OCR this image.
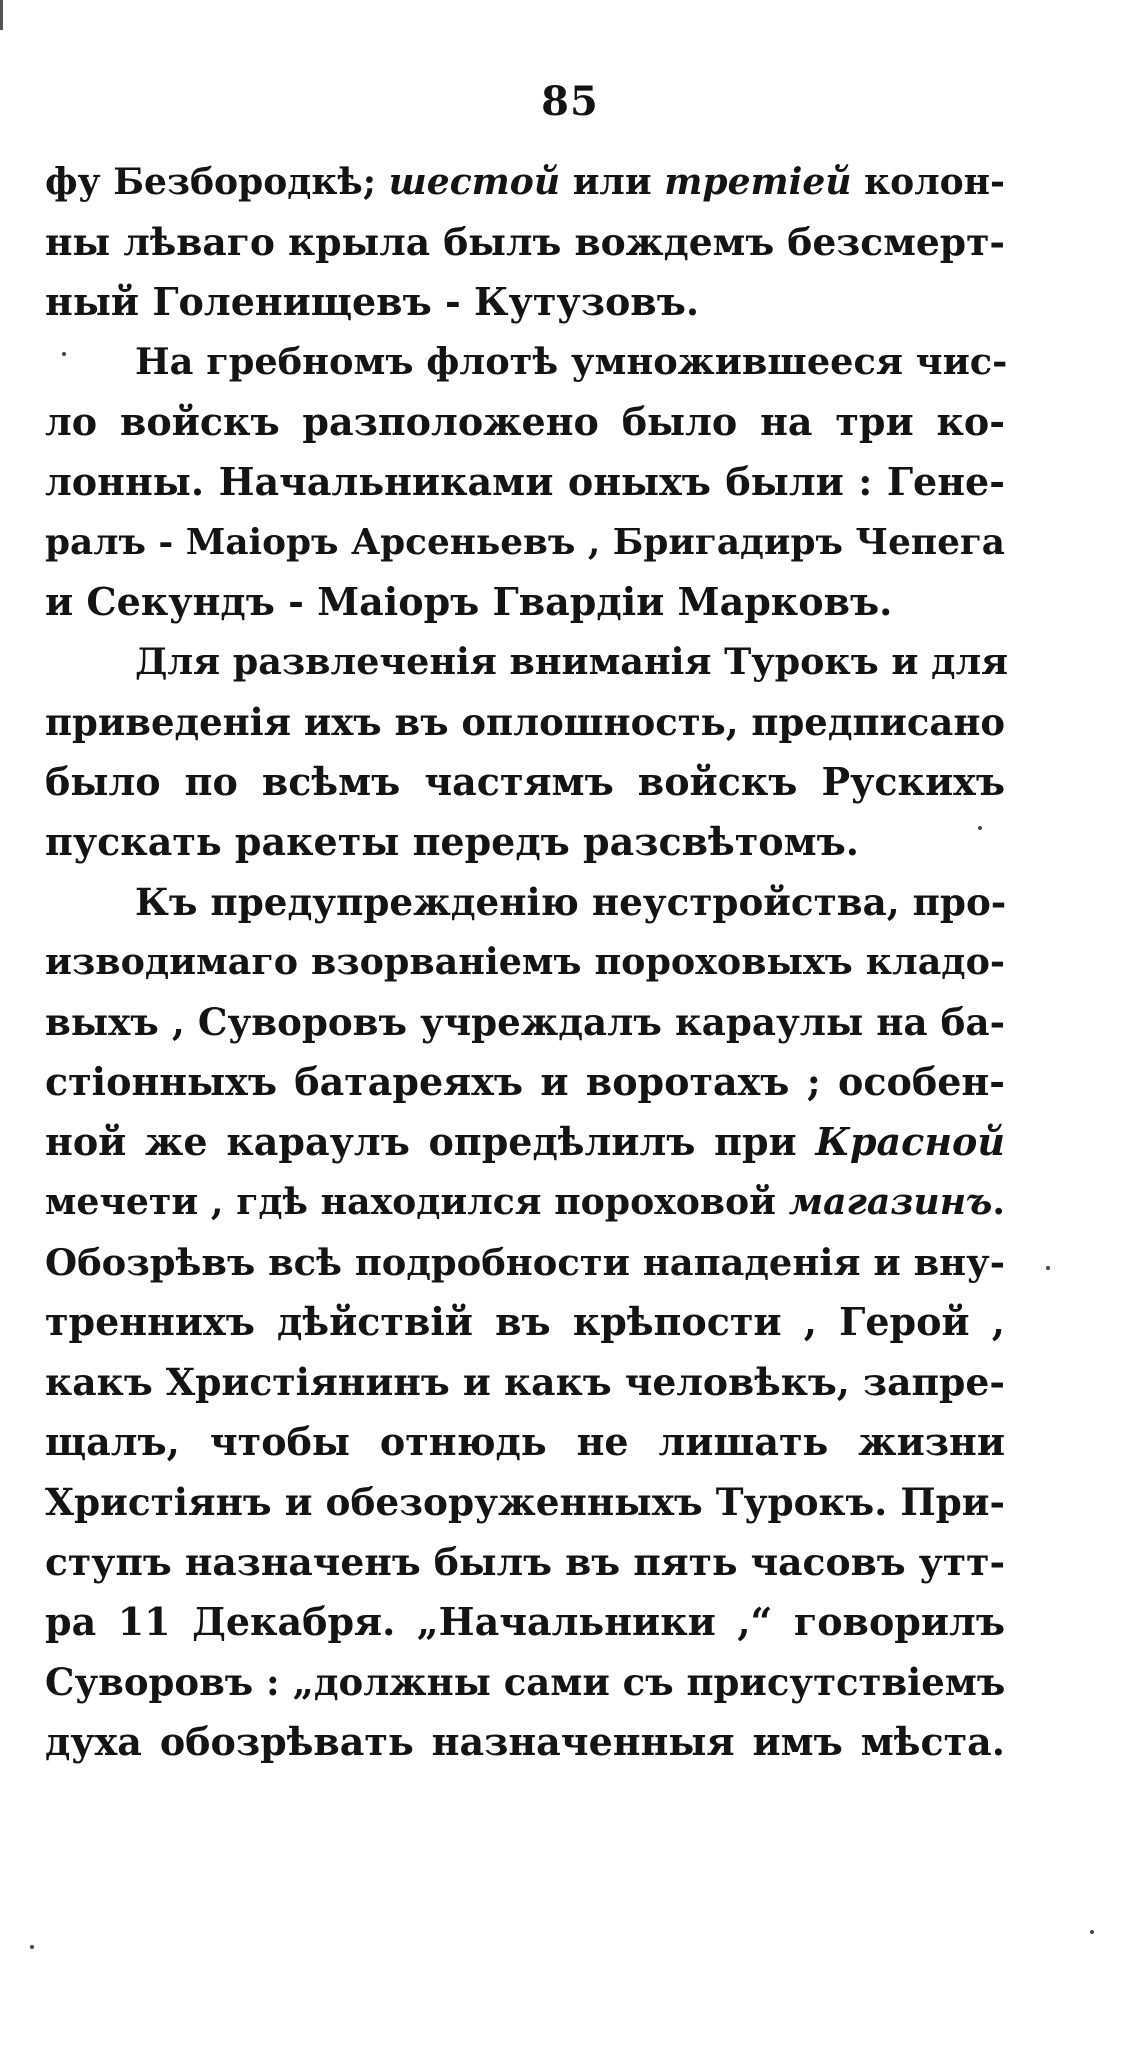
85
фу Безбородкѣ; шестой или третіей колон-
ны лѣваго крыла былъ вождемъ безсмерт-
ный Голенищевъ - Кутузовъ.
На гребномъ флотѣ умножившееся чис-
ло войскъ разположено было на три ко-
лонны. Начальниками оныхъ были : Гене-
ралъ - Маіоръ Арсеньевъ , Бригадиръ Чепега
и Секундъ - Маіоръ Гвардіи Марковъ.
Для развлеченія вниманія Турокъ и для
приведенія ихъ въ оплошность, предписано
было по всѣмъ частямъ войскъ Рускихъ
пускать ракеты передъ разсвѣтомъ.
Къ предупрежденію неустройства, про-
изводимаго взорваніемъ пороховыхъ кладо-
выхъ , Суворовъ учреждалъ караулы на ба-
стіонныхъ батареяхъ и воротахъ ; особен-
ной же карaулъ опредѣлилъ при Красной
мечети , гдѣ находился пороховой магазинъ.
Обозрѣвъ всѣ подробности нападенія и вну-
треннихъ дѣйствій въ крѣпости , Герой ,
какъ Христіянинъ и какъ человѣкъ, запре-
щалъ, чтобы отнюдь не лишать жизни
Христіянъ и обезоруженныхъ Турокъ. При-
ступъ назначенъ былъ въ пять часовъ утт-
ра 11 Декабря. „Начальники ,“ говорилъ
Суворовъ : „должны сами съ присутствіемъ
духа обозрѣвать назначенныя имъ мѣста.
